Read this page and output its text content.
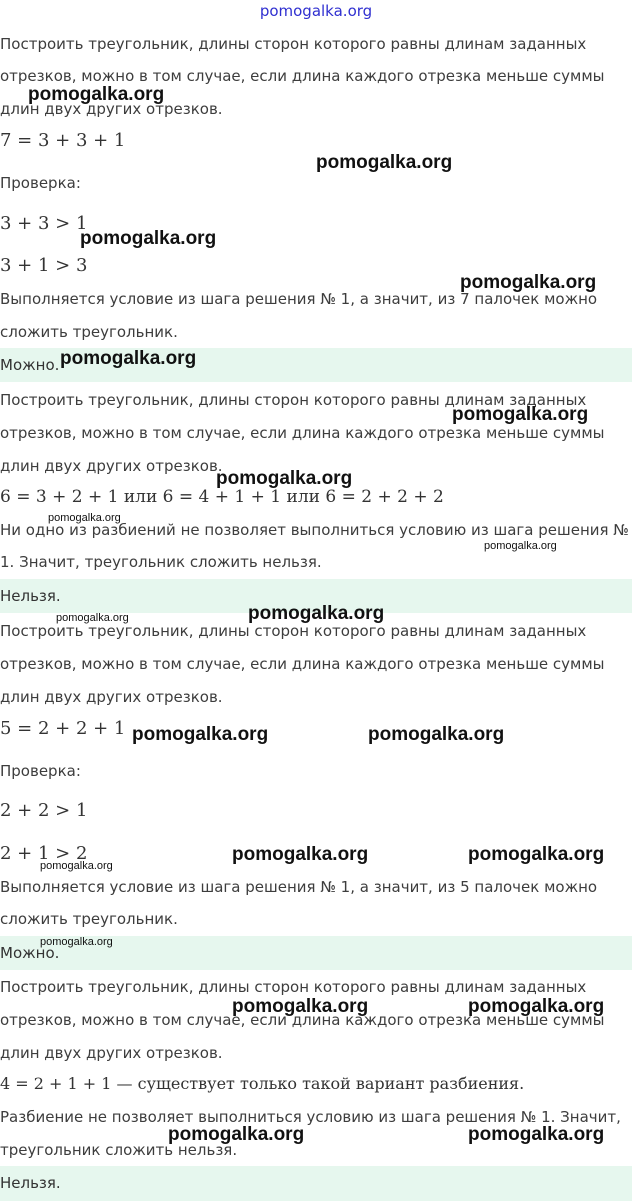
pomogalka.org
Построить треугольник, длины сторон которого равны длинам заданных
отрезков, можно в том случае, если длина каждого отрезка меньше суммы
длин двух других отрезков.
7 = 3 + 3 + 1
Проверка:
3 + 3 > 1
3 + 1 > 3
Выполняется условие из шага решения № 1, а значит, из 7 палочек можно
сложить треугольник.
Можно.
Построить треугольник, длины сторон которого равны длинам заданных
отрезков, можно в том случае, если длина каждого отрезка меньше суммы
длин двух других отрезков.
6 = 3 + 2 + 1 или 6 = 4 + 1 + 1 или 6 = 2 + 2 + 2
Ни одно из разбиений не позволяет выполниться условию из шага решения №
1. Значит, треугольник сложить нельзя.
Нельзя.
Построить треугольник, длины сторон которого равны длинам заданных
отрезков, можно в том случае, если длина каждого отрезка меньше суммы
длин двух других отрезков.
5 = 2 + 2 + 1
Проверка:
2 + 2 > 1
2 + 1 > 2
Выполняется условие из шага решения № 1, а значит, из 5 палочек можно
сложить треугольник.
Можно.
Построить треугольник, длины сторон которого равны длинам заданных
отрезков, можно в том случае, если длина каждого отрезка меньше суммы
длин двух других отрезков.
4 = 2 + 1 + 1 — существует только такой вариант разбиения.
Разбиение не позволяет выполниться условию из шага решения № 1. Значит,
треугольник сложить нельзя.
Нельзя.
pomogalka.org
pomogalka.org
pomogalka.org
pomogalka.org
pomogalka.org
pomogalka.org
pomogalka.org
pomogalka.org
pomogalka.org
pomogalka.org	pomogalka.org
pomogalka.org	pomogalka.org
pomogalka.org	pomogalka.org
pomogalka.org
pomogalka.org
pomogalka.org	pomogalka.org
pomogalka.org	pomogalka.org
